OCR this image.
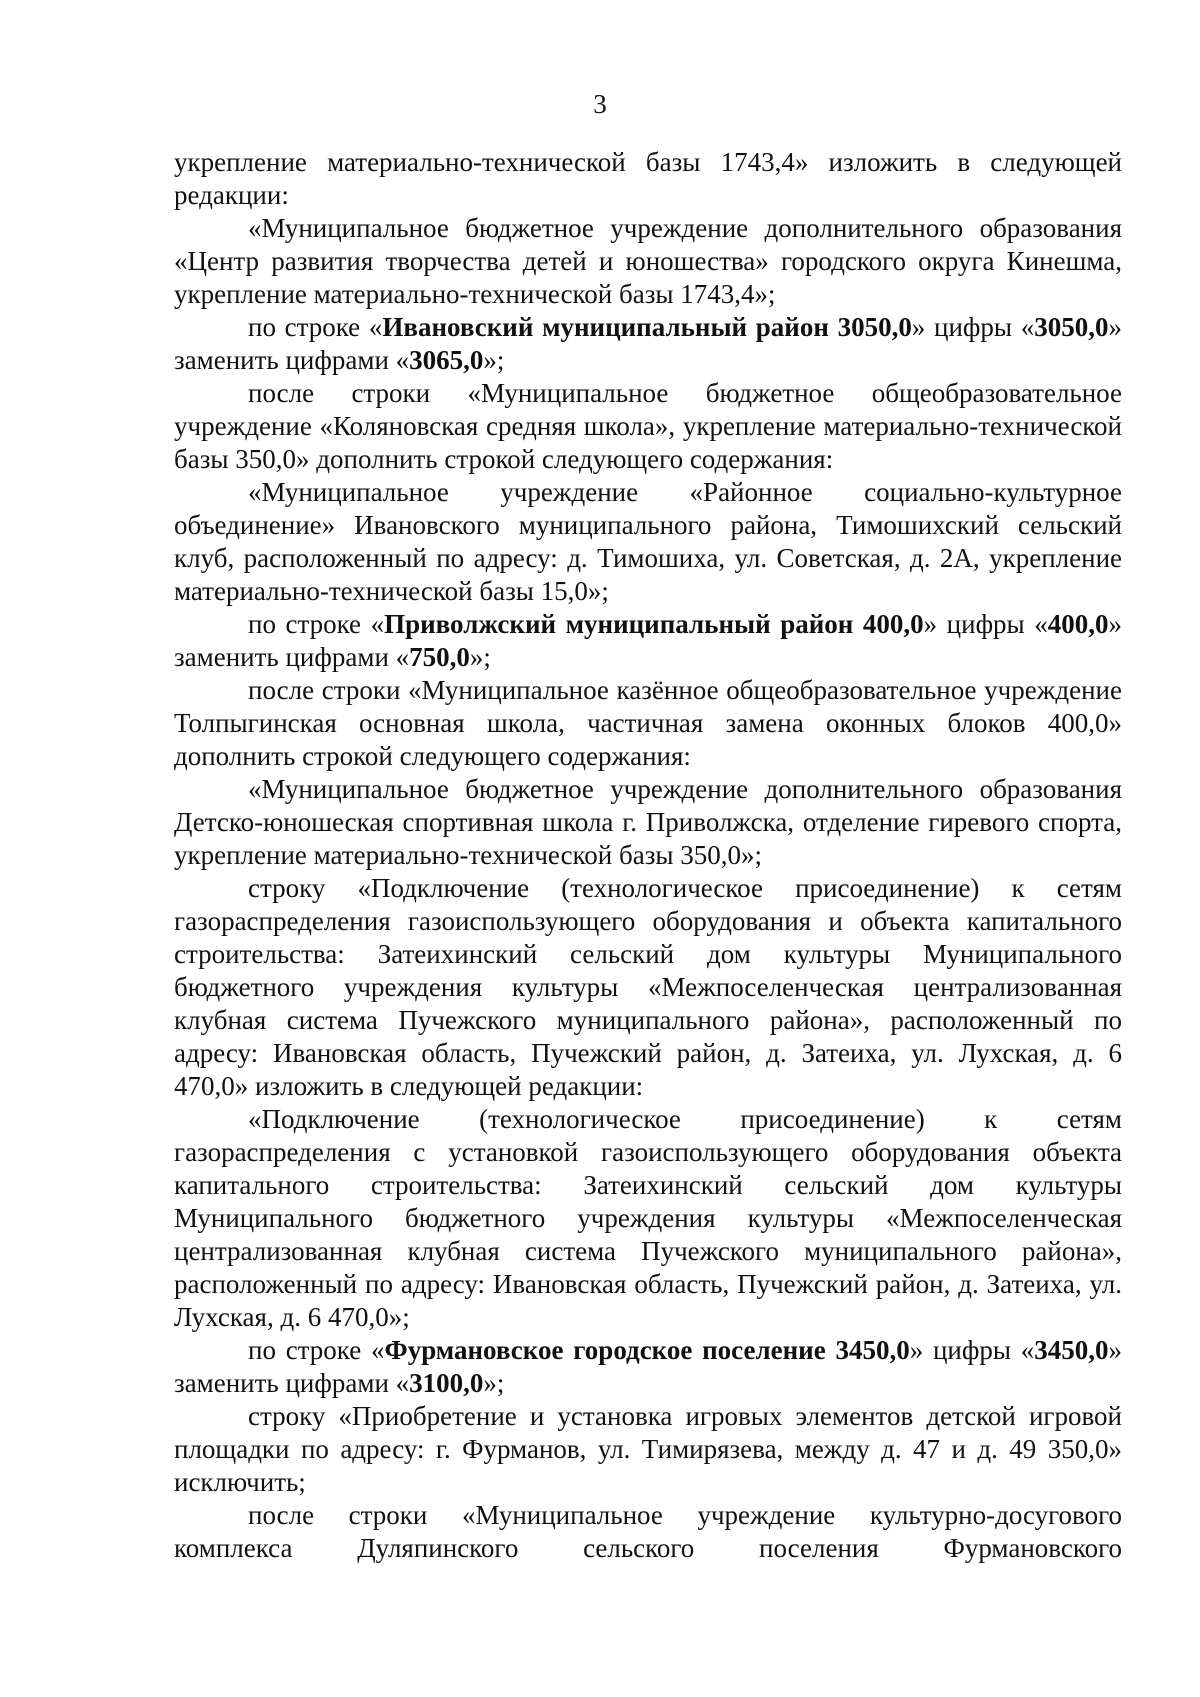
3

укрепление материально-технической базы 1743,4» изложить в следующей редакции:

«Муниципальное бюджетное учреждение дополнительного образования «Центр развития творчества детей и юношества» городского округа Кинешма, укрепление материально-технической базы 1743,4»;

по строке «Ивановский муниципальный район 3050,0» цифры «3050,0» заменить цифрами «3065,0»;

после строки «Муниципальное бюджетное общеобразовательное учреждение «Коляновская средняя школа», укрепление материально-технической базы 350,0» дополнить строкой следующего содержания:

«Муниципальное учреждение «Районное социально-культурное объединение» Ивановского муниципального района, Тимошихский сельский клуб, расположенный по адресу: д. Тимошиха, ул. Советская, д. 2А, укрепление материально-технической базы 15,0»;

по строке «Приволжский муниципальный район 400,0» цифры «400,0» заменить цифрами «750,0»;

после строки «Муниципальное казённое общеобразовательное учреждение Толпыгинская основная школа, частичная замена оконных блоков 400,0» дополнить строкой следующего содержания:

«Муниципальное бюджетное учреждение дополнительного образования Детско-юношеская спортивная школа г. Приволжска, отделение гиревого спорта, укрепление материально-технической базы 350,0»;

строку «Подключение (технологическое присоединение) к сетям газораспределения газоиспользующего оборудования и объекта капитального строительства: Затеихинский сельский дом культуры Муниципального бюджетного учреждения культуры «Межпоселенческая централизованная клубная система Пучежского муниципального района», расположенный по адресу: Ивановская область, Пучежский район, д. Затеиха, ул. Лухская, д. 6 470,0» изложить в следующей редакции:

«Подключение (технологическое присоединение) к сетям газораспределения с установкой газоиспользующего оборудования объекта капитального строительства: Затеихинский сельский дом культуры Муниципального бюджетного учреждения культуры «Межпоселенческая централизованная клубная система Пучежского муниципального района», расположенный по адресу: Ивановская область, Пучежский район, д. Затеиха, ул. Лухская, д. 6 470,0»;

по строке «Фурмановское городское поселение 3450,0» цифры «3450,0» заменить цифрами «3100,0»;

строку «Приобретение и установка игровых элементов детской игровой площадки по адресу: г. Фурманов, ул. Тимирязева, между д. 47 и д. 49 350,0» исключить;

после строки «Муниципальное учреждение культурно-досугового комплекса Дуляпинского сельского поселения Фурмановского
